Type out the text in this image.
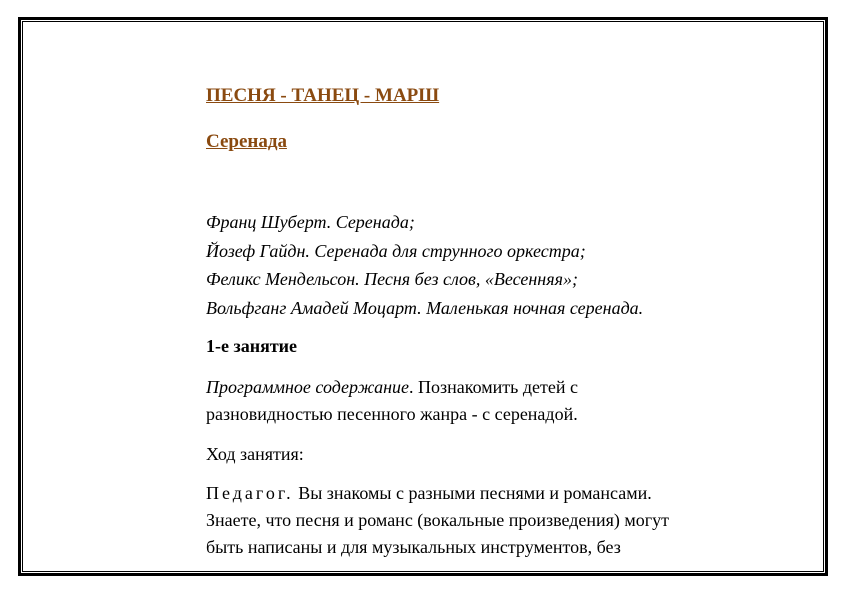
ПЕСНЯ - ТАНЕЦ - МАРШ
Серенада
Франц Шуберт. Серенада;
Йозеф Гайдн. Серенада для струнного оркестра;
Феликс Мендельсон. Песня без слов, «Весенняя»;
Вольфганг Амадей Моцарт. Маленькая ночная серенада.
1-е занятие
Программное содержание. Познакомить детей с
разновидностью песенного жанра - с серенадой.
Ход занятия:
Педагог. Вы знакомы с разными песнями и романсами.
Знаете, что песня и романс (вокальные произведения) могут
быть написаны и для музыкальных инструментов, без
